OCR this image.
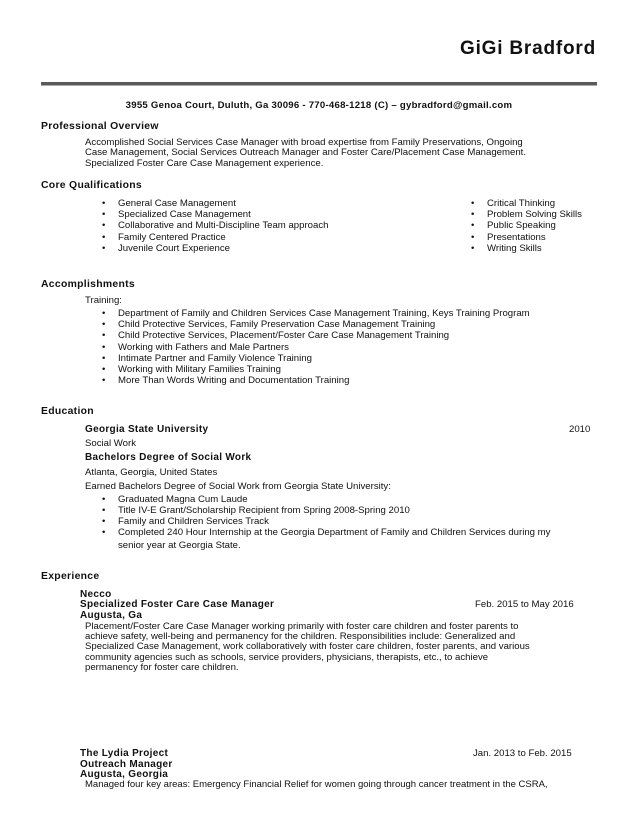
GiGi Bradford
3955 Genoa Court, Duluth, Ga 30096 - 770-468-1218 (C) – gybradford@gmail.com
Professional Overview
Accomplished Social Services Case Manager with broad expertise from Family Preservations, Ongoing
Case Management, Social Services Outreach Manager and Foster Care/Placement Case Management.
Specialized Foster Care Case Management experience.
Core Qualifications
• General Case Management
• Specialized Case Management
• Collaborative and Multi-Discipline Team approach
• Family Centered Practice
• Juvenile Court Experience
• Critical Thinking
• Problem Solving Skills
• Public Speaking
• Presentations
• Writing Skills
Accomplishments
Training:
• Department of Family and Children Services Case Management Training, Keys Training Program
• Child Protective Services, Family Preservation Case Management Training
• Child Protective Services, Placement/Foster Care Case Management Training
• Working with Fathers and Male Partners
• Intimate Partner and Family Violence Training
• Working with Military Families Training
• More Than Words Writing and Documentation Training
Education
Georgia State University	2010
Social Work
Bachelors Degree of Social Work
Atlanta, Georgia, United States
Earned Bachelors Degree of Social Work from Georgia State University:
• Graduated Magna Cum Laude
• Title IV-E Grant/Scholarship Recipient from Spring 2008-Spring 2010
• Family and Children Services Track
• Completed 240 Hour Internship at the Georgia Department of Family and Children Services during my
senior year at Georgia State.
Experience
Necco
Specialized Foster Care Case Manager	Feb. 2015 to May 2016
Augusta, Ga
Placement/Foster Care Case Manager working primarily with foster care children and foster parents to
achieve safety, well-being and permanency for the children. Responsibilities include: Generalized and
Specialized Case Management, work collaboratively with foster care children, foster parents, and various
community agencies such as schools, service providers, physicians, therapists, etc., to achieve
permanency for foster care children.
The Lydia Project	Jan. 2013 to Feb. 2015
Outreach Manager
Augusta, Georgia
Managed four key areas: Emergency Financial Relief for women going through cancer treatment in the CSRA,
